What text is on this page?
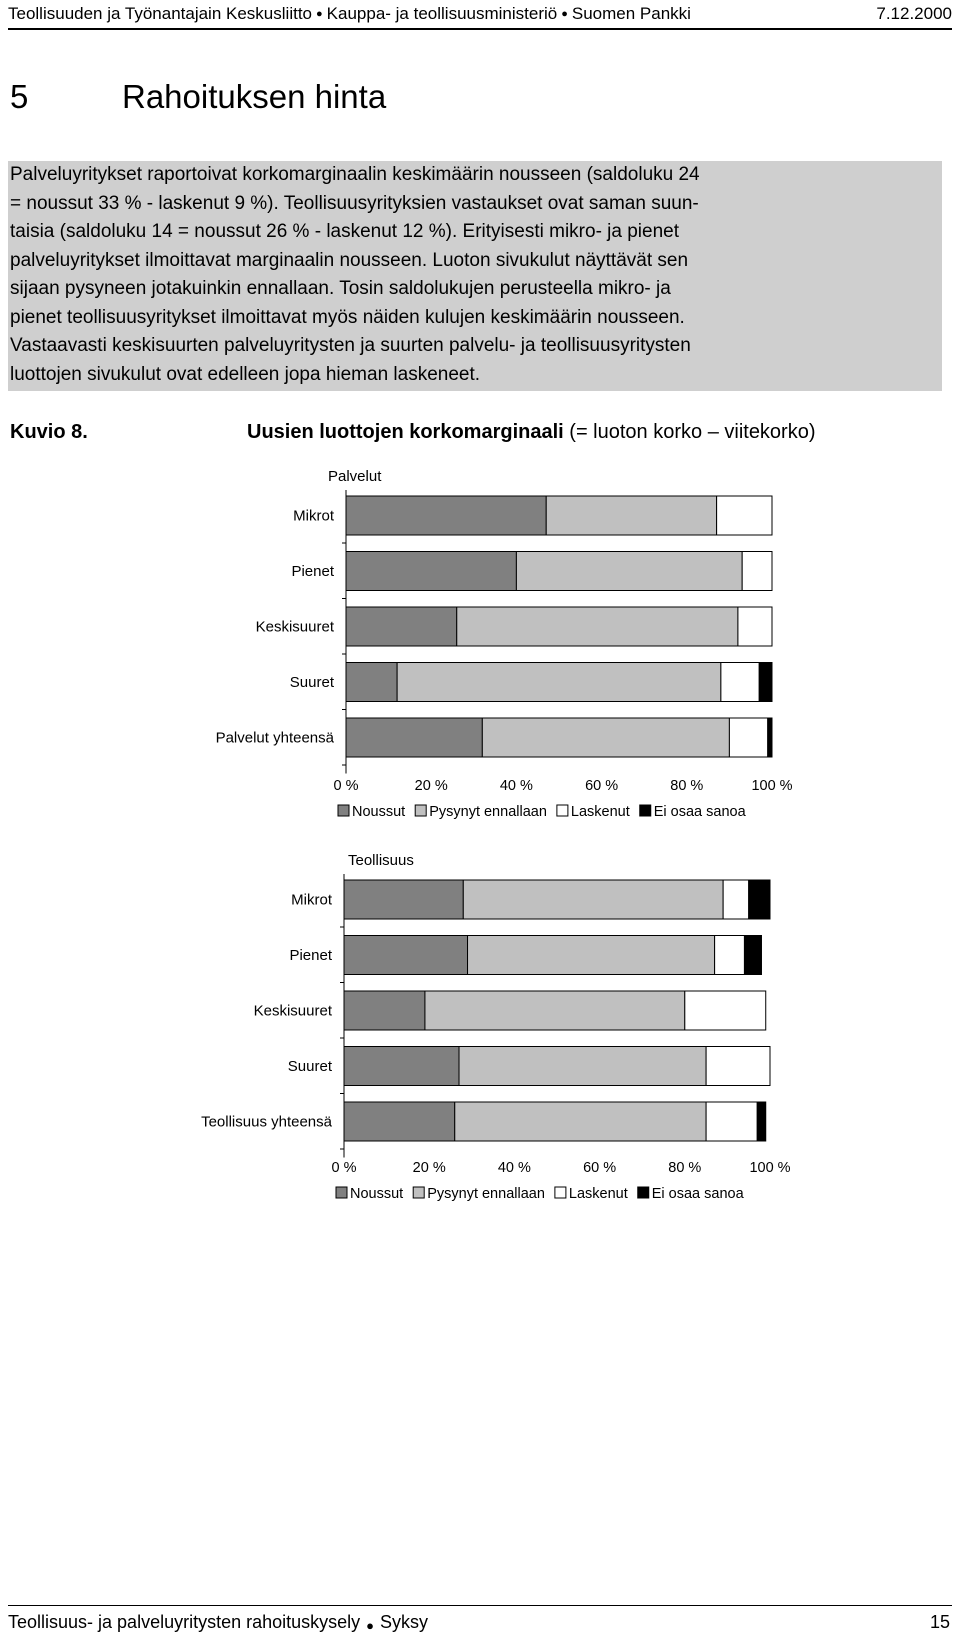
Teollisuuden ja Työnantajain Keskusliitto ● Kauppa- ja teollisuusministeriö ● Suomen Pankki	7.12.2000
5	Rahoituksen hinta
Palveluyritykset raportoivat korkomarginaalin keskimäärin nousseen (saldoluku 24
= noussut 33 % - laskenut 9 %). Teollisuusyrityksien vastaukset ovat saman suun-
taisia (saldoluku 14 = noussut 26 % - laskenut 12 %). Erityisesti mikro- ja pienet
palveluyritykset ilmoittavat marginaalin nousseen. Luoton sivukulut näyttävät sen
sijaan pysyneen jotakuinkin ennallaan. Tosin saldolukujen perusteella mikro- ja
pienet teollisuusyritykset ilmoittavat myös näiden kulujen keskimäärin nousseen.
Vastaavasti keskisuurten palveluyritysten ja suurten palvelu- ja teollisuusyritysten
luottojen sivukulut ovat edelleen jopa hieman laskeneet.
Kuvio 8.	Uusien luottojen korkomarginaali (= luoton korko – viitekorko)
Palvelut
Mikrot
Pienet
Keskisuuret
Suuret
Palvelut yhteensä
0 %	20 %	40 %	60 %	80 %	100 %
Noussut Pysynyt ennallaan Laskenut Ei osaa sanoa
Teollisuus
Mikrot
Pienet
Keskisuuret
Suuret
Teollisuus yhteensä
0 %	20 %	40 %	60 %	80 %	100 %
Noussut Pysynyt ennallaan Laskenut Ei osaa sanoa
Teollisuus- ja palveluyritysten rahoituskysely ● Syksy	15
